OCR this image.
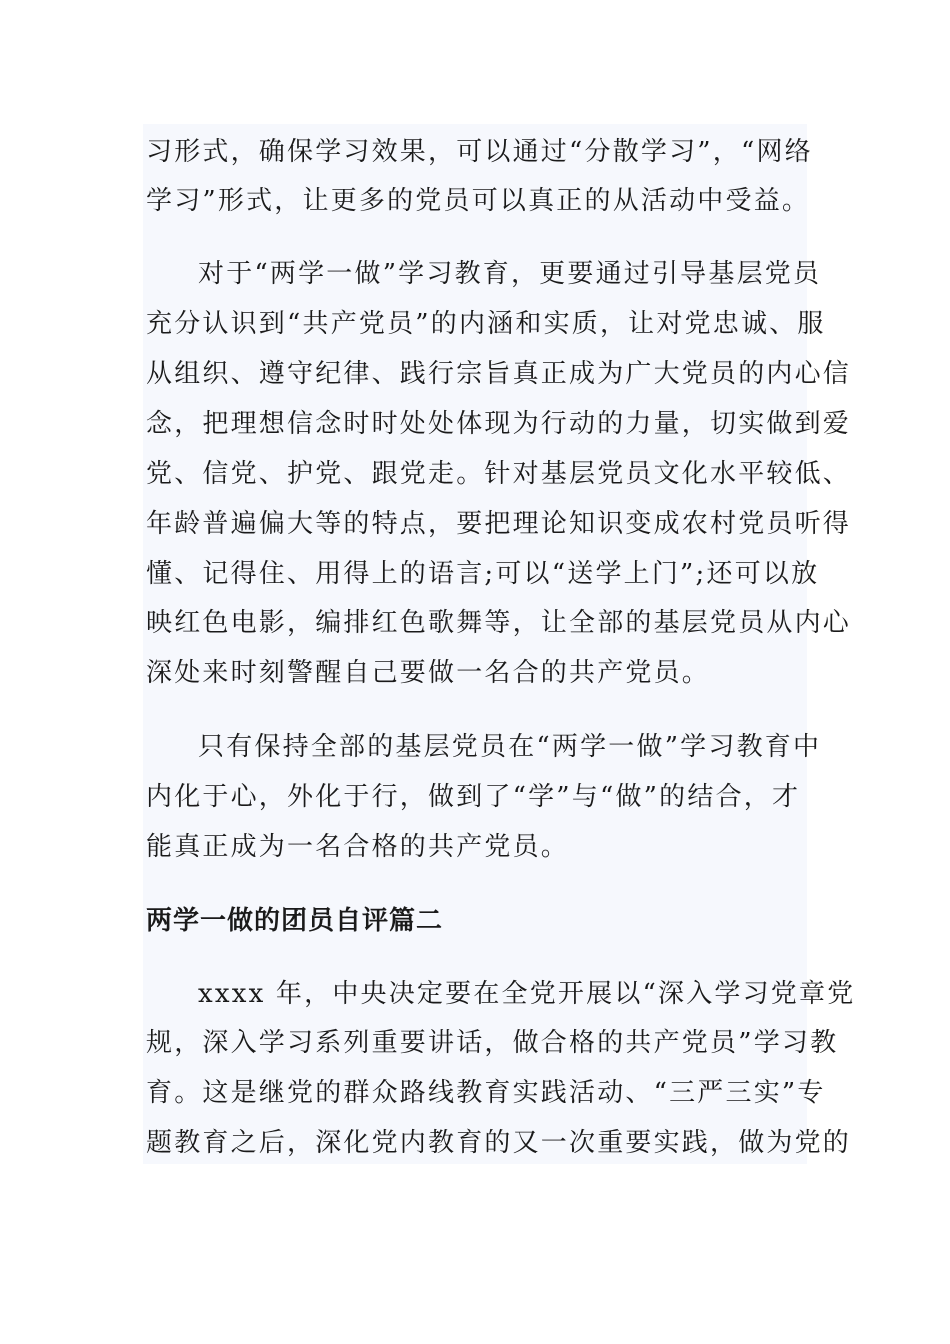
习形式，确保学习效果，可以通过“分散学习”，“网络
学习”形式，让更多的党员可以真正的从活动中受益。
对于“两学一做”学习教育，更要通过引导基层党员
充分认识到“共产党员”的内涵和实质，让对党忠诚、服
从组织、遵守纪律、践行宗旨真正成为广大党员的内心信
念，把理想信念时时处处体现为行动的力量，切实做到爱
党、信党、护党、跟党走。针对基层党员文化水平较低、
年龄普遍偏大等的特点，要把理论知识变成农村党员听得
懂、记得住、用得上的语言;可以“送学上门”;还可以放
映红色电影，编排红色歌舞等，让全部的基层党员从内心
深处来时刻警醒自己要做一名合的共产党员。
只有保持全部的基层党员在“两学一做”学习教育中
内化于心，外化于行，做到了“学”与“做”的结合，才
能真正成为一名合格的共产党员。
两学一做的团员自评篇二
xxxx 年，中央决定要在全党开展以“深入学习党章党
规，深入学习系列重要讲话，做合格的共产党员”学习教
育。这是继党的群众路线教育实践活动、“三严三实”专
题教育之后，深化党内教育的又一次重要实践，做为党的
